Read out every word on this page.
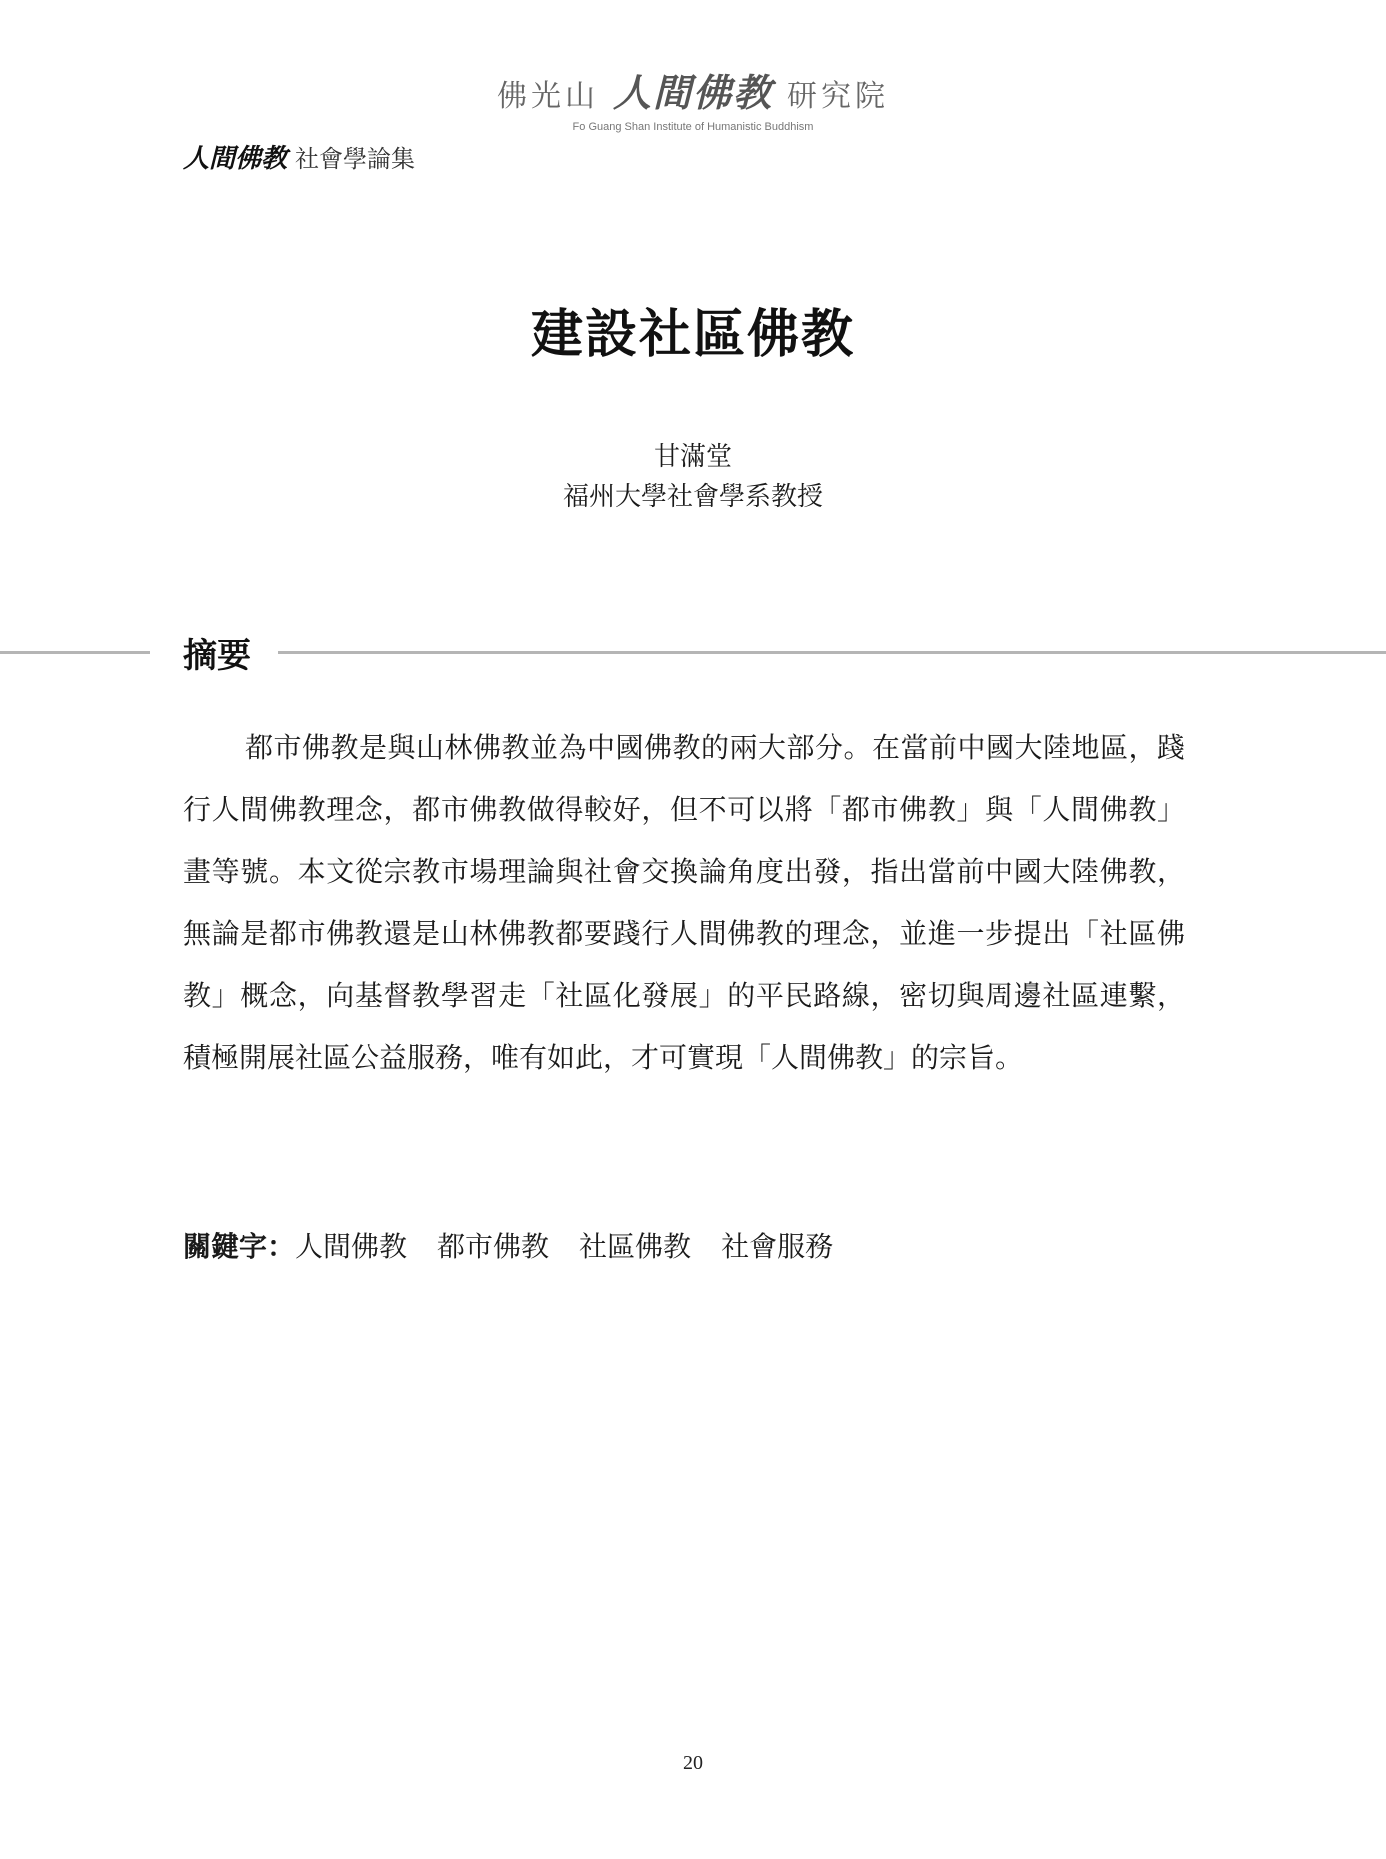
佛光山 人間佛教 研究院
Fo Guang Shan Institute of Humanistic Buddhism
人間佛教 社會學論集
建設社區佛教
甘滿堂
福州大學社會學系教授
摘要

都市佛教是與山林佛教並為中國佛教的兩大部分。在當前中國大陸地區，踐行人間佛教理念，都市佛教做得較好，但不可以將「都市佛教」與「人間佛教」畫等號。本文從宗教市場理論與社會交換論角度出發，指出當前中國大陸佛教，無論是都市佛教還是山林佛教都要踐行人間佛教的理念，並進一步提出「社區佛教」概念，向基督教學習走「社區化發展」的平民路線，密切與周邊社區連繫，積極開展社區公益服務，唯有如此，才可實現「人間佛教」的宗旨。

關鍵字： 人間佛教 都市佛教 社區佛教 社會服務
20
